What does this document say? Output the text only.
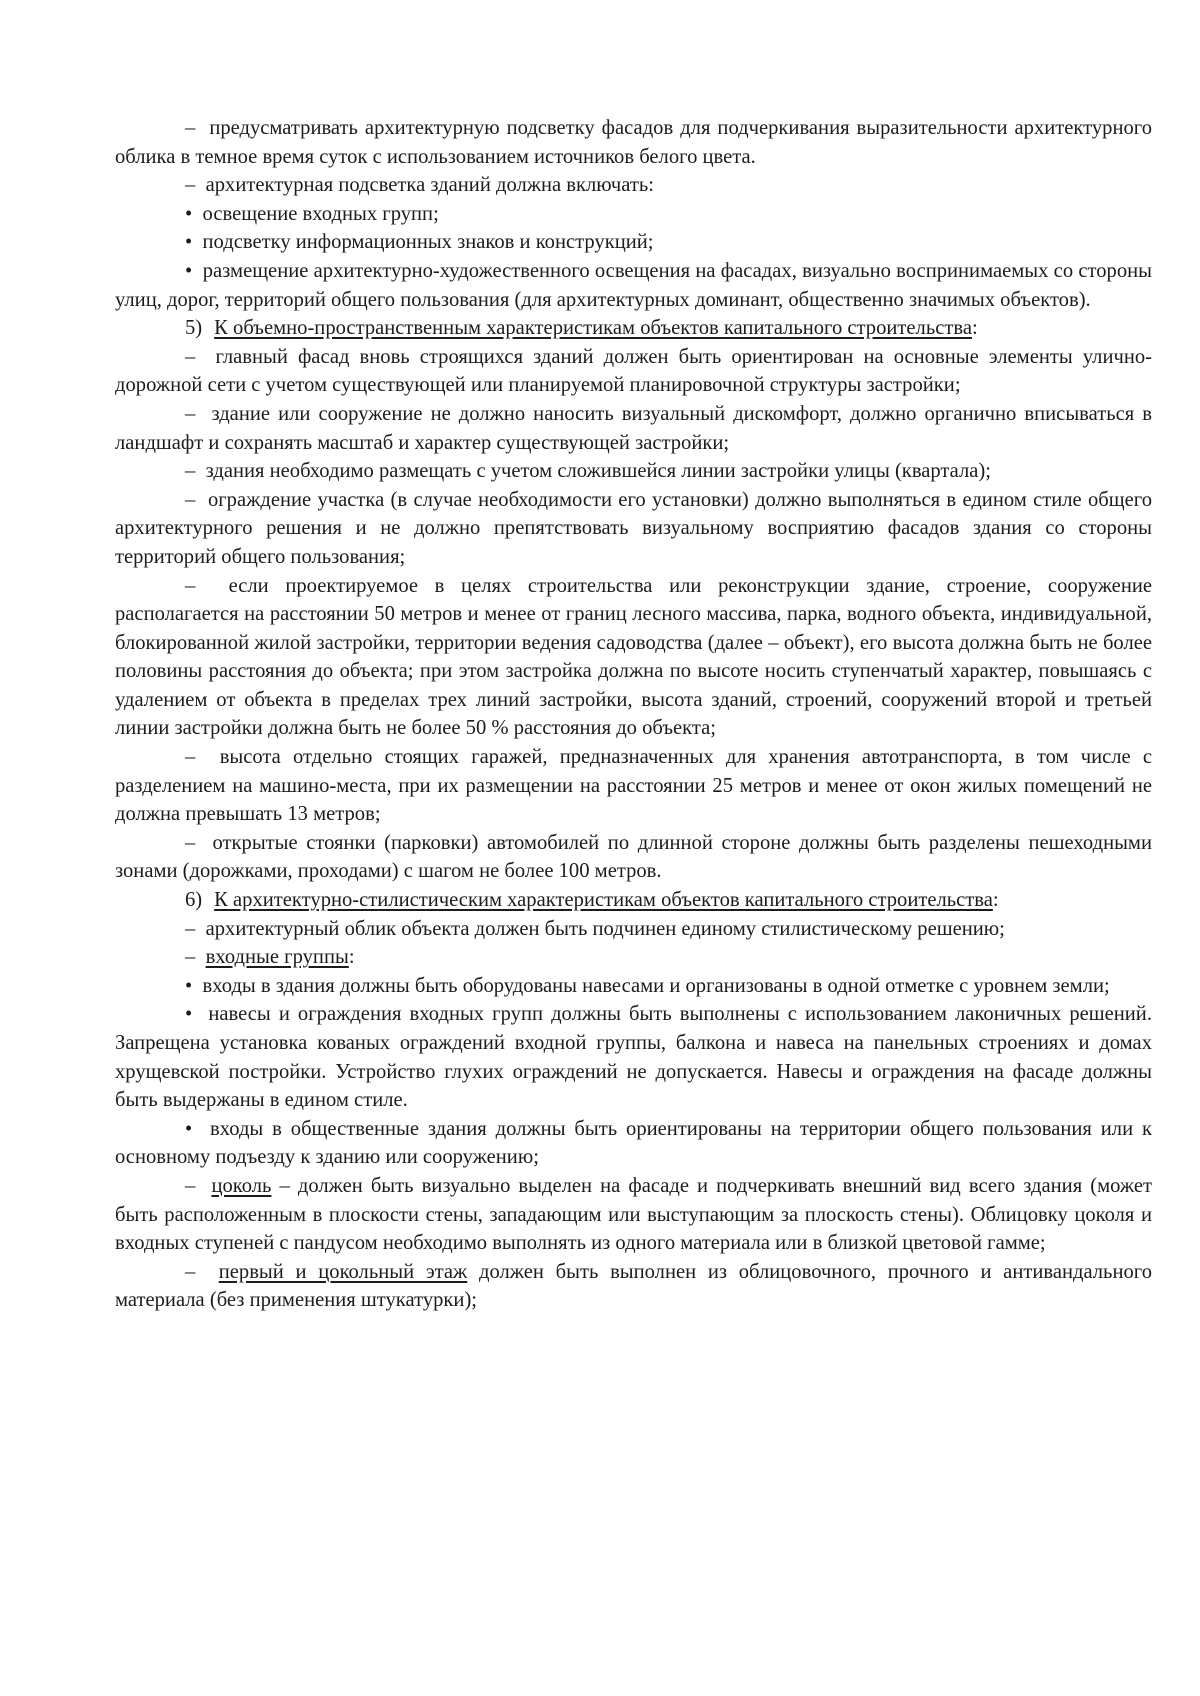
–  предусматривать архитектурную подсветку фасадов для подчеркивания выразительности архитектурного облика в темное время суток с использованием источников белого цвета.

–  архитектурная подсветка зданий должна включать:

•  освещение входных групп;

•  подсветку информационных знаков и конструкций;

•  размещение архитектурно-художественного освещения на фасадах, визуально воспринимаемых со стороны улиц, дорог, территорий общего пользования (для архитектурных доминант, общественно значимых объектов).

5) К объемно-пространственным характеристикам объектов капитального строительства:

–  главный фасад вновь строящихся зданий должен быть ориентирован на основные элементы улично-дорожной сети с учетом существующей или планируемой планировочной структуры застройки;

–  здание или сооружение не должно наносить визуальный дискомфорт, должно органично вписываться в ландшафт и сохранять масштаб и характер существующей застройки;

–  здания необходимо размещать с учетом сложившейся линии застройки улицы (квартала);

–  ограждение участка (в случае необходимости его установки) должно выполняться в едином стиле общего архитектурного решения и не должно препятствовать визуальному восприятию фасадов здания со стороны территорий общего пользования;

–  если проектируемое в целях строительства или реконструкции здание, строение, сооружение располагается на расстоянии 50 метров и менее от границ лесного массива, парка, водного объекта, индивидуальной, блокированной жилой застройки, территории ведения садоводства (далее – объект), его высота должна быть не более половины расстояния до объекта; при этом застройка должна по высоте носить ступенчатый характер, повышаясь с удалением от объекта в пределах трех линий застройки, высота зданий, строений, сооружений второй и третьей линии застройки должна быть не более 50 % расстояния до объекта;

–  высота отдельно стоящих гаражей, предназначенных для хранения автотранспорта, в том числе с разделением на машино-места, при их размещении на расстоянии 25 метров и менее от окон жилых помещений не должна превышать 13 метров;

–  открытые стоянки (парковки) автомобилей по длинной стороне должны быть разделены пешеходными зонами (дорожками, проходами) с шагом не более 100 метров.

6) К архитектурно-стилистическим характеристикам объектов капитального строительства:

–  архитектурный облик объекта должен быть подчинен единому стилистическому решению;

–  входные группы:

•  входы в здания должны быть оборудованы навесами и организованы в одной отметке с уровнем земли;

•  навесы и ограждения входных групп должны быть выполнены с использованием лаконичных решений. Запрещена установка кованых ограждений входной группы, балкона и навеса на панельных строениях и домах хрущевской постройки. Устройство глухих ограждений не допускается. Навесы и ограждения на фасаде должны быть выдержаны в едином стиле.

•  входы в общественные здания должны быть ориентированы на территории общего пользования или к основному подъезду к зданию или сооружению;

–  цоколь – должен быть визуально выделен на фасаде и подчеркивать внешний вид всего здания (может быть расположенным в плоскости стены, западающим или выступающим за плоскость стены). Облицовку цоколя и входных ступеней с пандусом необходимо выполнять из одного материала или в близкой цветовой гамме;

–  первый и цокольный этаж должен быть выполнен из облицовочного, прочного и антивандального материала (без применения штукатурки);
